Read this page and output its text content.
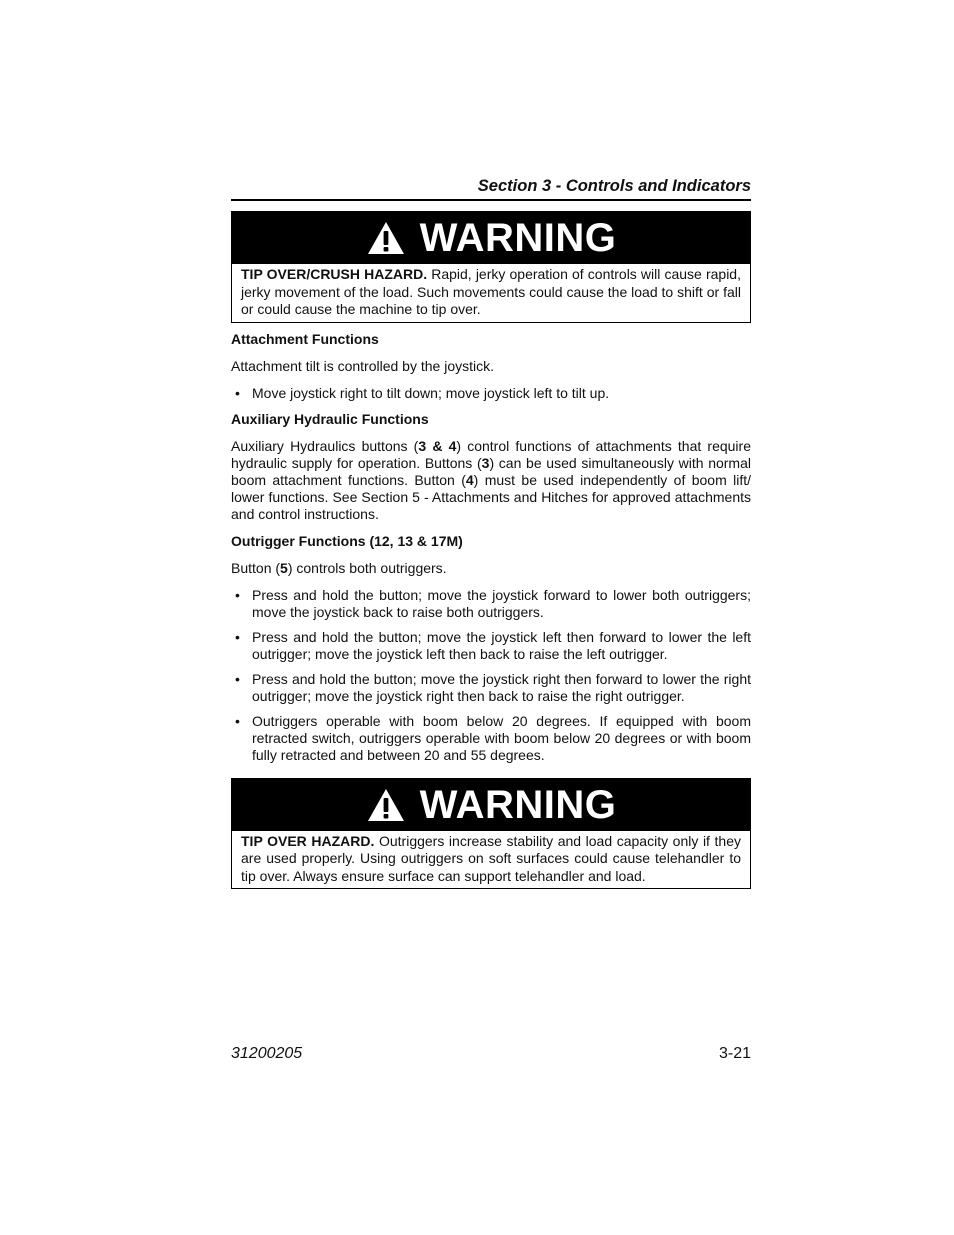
Section 3 - Controls and Indicators
WARNING
TIP OVER/CRUSH HAZARD. Rapid, jerky operation of controls will cause rapid, jerky movement of the load. Such movements could cause the load to shift or fall or could cause the machine to tip over.
Attachment Functions

Attachment tilt is controlled by the joystick.

• Move joystick right to tilt down; move joystick left to tilt up.
Auxiliary Hydraulic Functions

Auxiliary Hydraulics buttons (3 & 4) control functions of attachments that require hydraulic supply for operation. Buttons (3) can be used simultaneously with normal boom attachment functions. Button (4) must be used independently of boom lift/ lower functions. See Section 5 - Attachments and Hitches for approved attachments and control instructions.

Outrigger Functions (12, 13 & 17M)

Button (5) controls both outriggers.

• Press and hold the button; move the joystick forward to lower both outriggers; move the joystick back to raise both outriggers.
• Press and hold the button; move the joystick left then forward to lower the left outrigger; move the joystick left then back to raise the left outrigger.
• Press and hold the button; move the joystick right then forward to lower the right outrigger; move the joystick right then back to raise the right outrigger.
• Outriggers operable with boom below 20 degrees. If equipped with boom retracted switch, outriggers operable with boom below 20 degrees or with boom fully retracted and between 20 and 55 degrees.
WARNING
TIP OVER HAZARD. Outriggers increase stability and load capacity only if they are used properly. Using outriggers on soft surfaces could cause telehandler to tip over. Always ensure surface can support telehandler and load.
31200205	3-21
